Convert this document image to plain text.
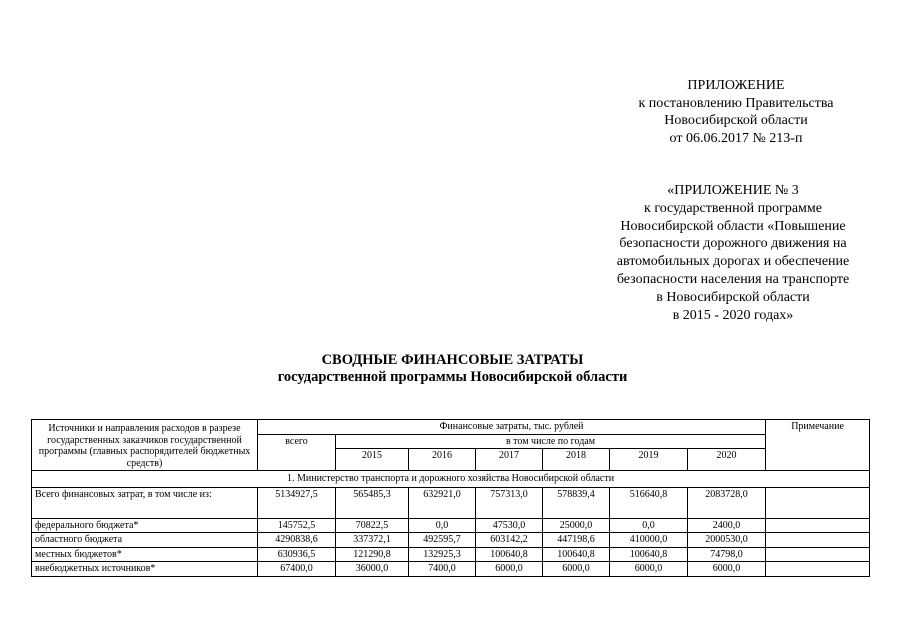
ПРИЛОЖЕНИЕ
к постановлению Правительства
Новосибирской области
от 06.06.2017 № 213-п
«ПРИЛОЖЕНИЕ № 3
к государственной программе
Новосибирской области «Повышение
безопасности дорожного движения на
автомобильных дорогах и обеспечение
безопасности населения на транспорте
в Новосибирской области
в 2015 - 2020 годах»
СВОДНЫЕ ФИНАНСОВЫЕ ЗАТРАТЫ
государственной программы Новосибирской области
Источники и направления расходов в разрезе государственных заказчиков государственной программы (главных распорядителей бюджетных средств)	Финансовые затраты, тыс. рублей							Примечание
	всего	в том числе по годам						
		2015	2016	2017	2018	2019	2020	
1. Министерство транспорта и дорожного хозяйства Новосибирской области								
Всего финансовых затрат, в том числе из:	5134927,5	565485,3	632921,0	757313,0	578839,4	516640,8	2083728,0	
федерального бюджета*	145752,5	70822,5	0,0	47530,0	25000,0	0,0	2400,0	
областного бюджета	4290838,6	337372,1	492595,7	603142,2	447198,6	410000,0	2000530,0	
местных бюджетов*	630936,5	121290,8	132925,3	100640,8	100640,8	100640,8	74798,0	
внебюджетных источников*	67400,0	36000,0	7400,0	6000,0	6000,0	6000,0	6000,0	
